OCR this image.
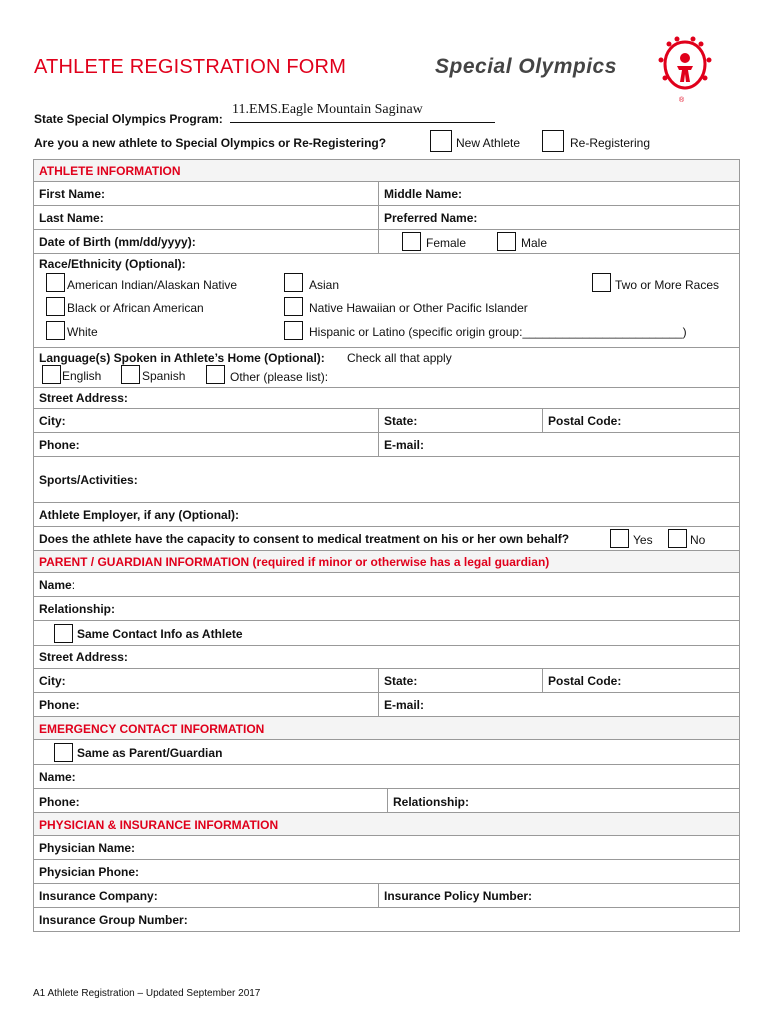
ATHLETE REGISTRATION FORM	Special Olympics
®
State Special Olympics Program:
11.EMS.Eagle Mountain Saginaw
Are you a new athlete to Special Olympics or Re-Registering?	New Athlete	Re-Registering
ATHLETE INFORMATION
First Name:	Middle Name:
Last Name:	Preferred Name:
Date of Birth (mm/dd/yyyy):	Female	Male
Race/Ethnicity (Optional):
American Indian/Alaskan Native	Asian	Two or More Races
Black or African American	Native Hawaiian or Other Pacific Islander
White	Hispanic or Latino (specific origin group:________________________)
Language(s) Spoken in Athlete’s Home (Optional): Check all that apply
English	Spanish	Other (please list):
Street Address:
City:	State:	Postal Code:
Phone:	E-mail:
Sports/Activities:
Athlete Employer, if any (Optional):
Does the athlete have the capacity to consent to medical treatment on his or her own behalf?	Yes	No
PARENT / GUARDIAN INFORMATION (required if minor or otherwise has a legal guardian)
Name:
Relationship:
Same Contact Info as Athlete
Street Address:
City:	State:	Postal Code:
Phone:	E-mail:
EMERGENCY CONTACT INFORMATION
Same as Parent/Guardian
Name:
Phone:	Relationship:
PHYSICIAN & INSURANCE INFORMATION
Physician Name:
Physician Phone:
Insurance Company:	Insurance Policy Number:
Insurance Group Number:
A1 Athlete Registration – Updated September 2017
